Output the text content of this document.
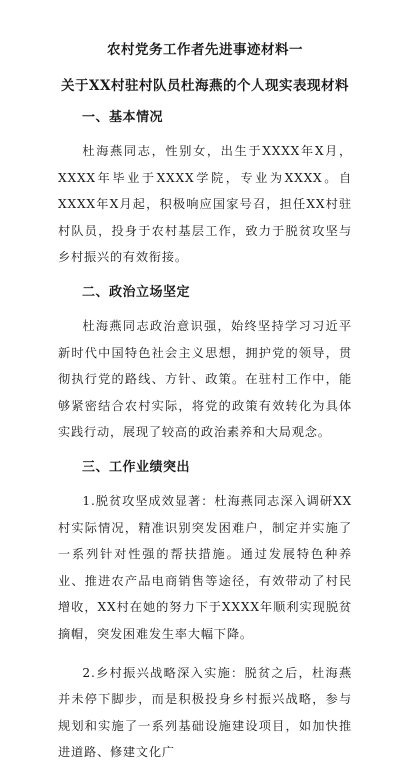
农村党务工作者先进事迹材料一
关于XX村驻村队员杜海燕的个人现实表现材料
一、基本情况

杜海燕同志，性别女，出生于XXXX年X月，XXXX年毕业于XXXX学院，专业为XXXX。自XXXX年X月起，积极响应国家号召，担任XX村驻村队员，投身于农村基层工作，致力于脱贫攻坚与乡村振兴的有效衔接。

二、政治立场坚定

杜海燕同志政治意识强，始终坚持学习习近平新时代中国特色社会主义思想，拥护党的领导，贯彻执行党的路线、方针、政策。在驻村工作中，能够紧密结合农村实际，将党的政策有效转化为具体实践行动，展现了较高的政治素养和大局观念。

三、工作业绩突出

1.脱贫攻坚成效显著：杜海燕同志深入调研XX村实际情况，精准识别突发困难户，制定并实施了一系列针对性强的帮扶措施。通过发展特色种养业、推进农产品电商销售等途径，有效带动了村民增收，XX村在她的努力下于XXXX年顺利实现脱贫摘帽，突发困难发生率大幅下降。

2.乡村振兴战略深入实施：脱贫之后，杜海燕并未停下脚步，而是积极投身乡村振兴战略，参与规划和实施了一系列基础设施建设项目，如加快推进道路、修建文化广
